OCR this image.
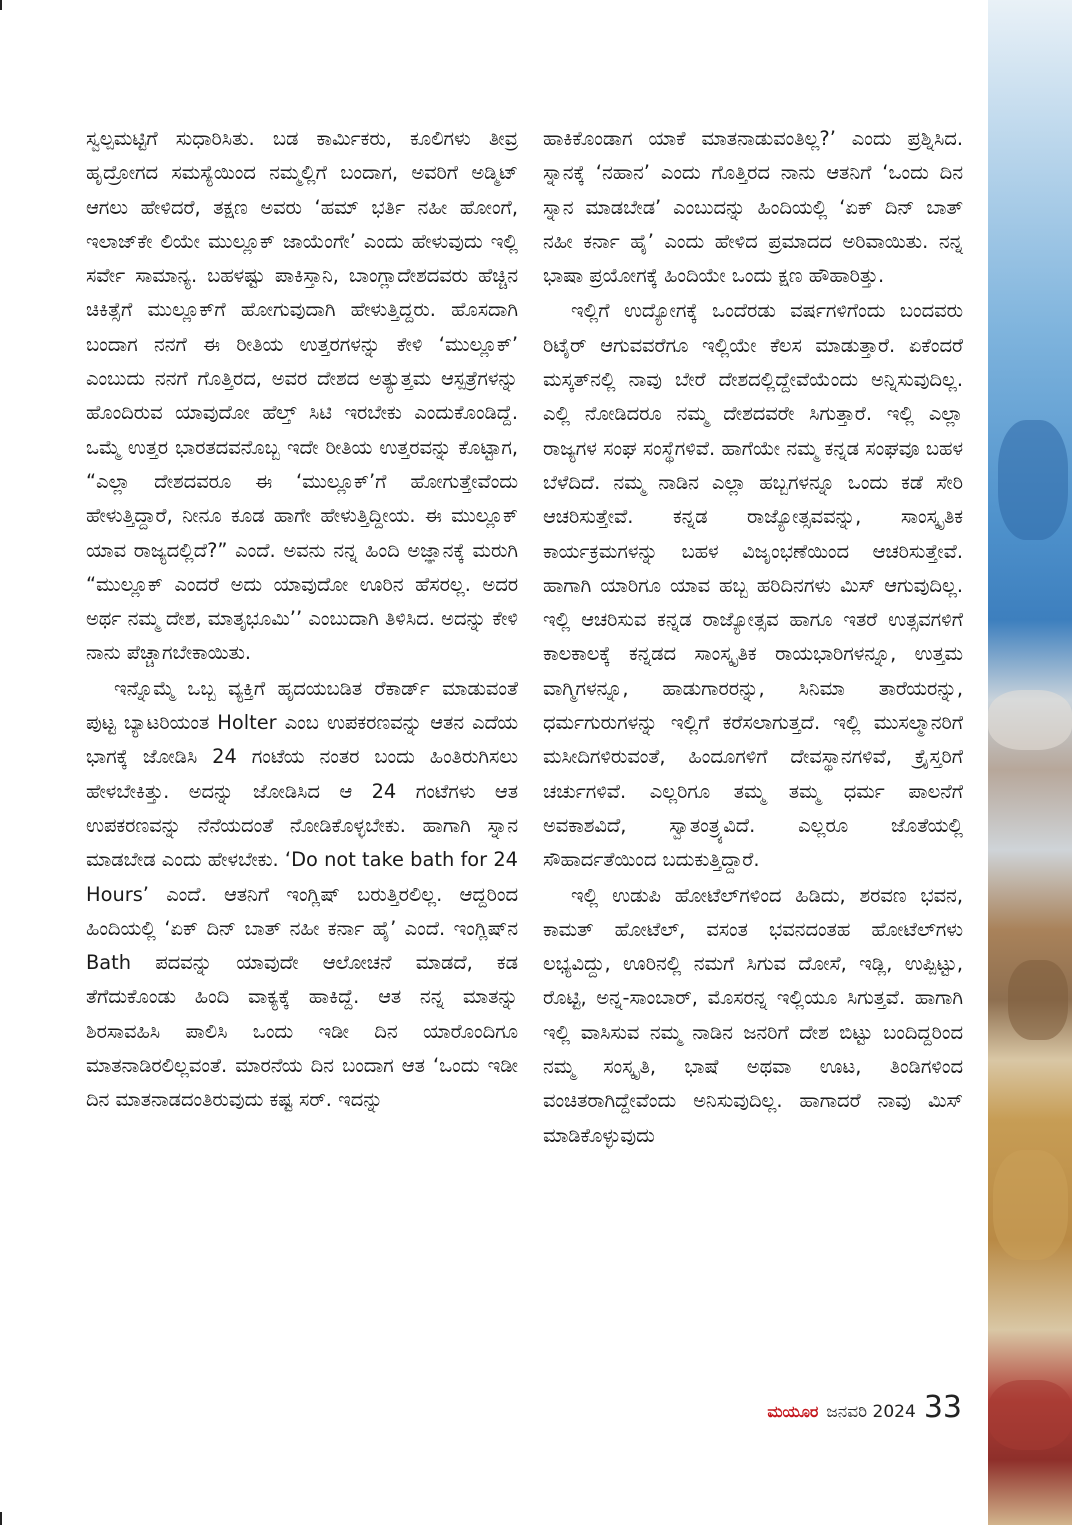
ಸ್ವಲ್ಪಮಟ್ಟಿಗೆ ಸುಧಾರಿಸಿತು. ಬಡ ಕಾರ್ಮಿಕರು, ಕೂಲಿಗಳು ತೀವ್ರ ಹೃದ್ರೋಗದ ಸಮಸ್ಯೆಯಿಂದ ನಮ್ಮಲ್ಲಿಗೆ ಬಂದಾಗ, ಅವರಿಗೆ ಅಡ್ಮಿಟ್ ಆಗಲು ಹೇಳಿದರೆ, ತಕ್ಷಣ ಅವರು ‘ಹಮ್ ಭರ್ತಿ ನಹೀ ಹೋಂಗೆ, ಇಲಾಜ್‌ಕೇ ಲಿಯೇ ಮುಲ್ಲೂಕ್ ಜಾಯೆಂಗೇ’ ಎಂದು ಹೇಳುವುದು ಇಲ್ಲಿ ಸರ್ವೇ ಸಾಮಾನ್ಯ. ಬಹಳಷ್ಟು ಪಾಕಿಸ್ತಾನಿ, ಬಾಂಗ್ಲಾದೇಶದವರು ಹೆಚ್ಚಿನ ಚಿಕಿತ್ಸೆಗೆ ಮುಲ್ಲೂಕ್‌ಗೆ ಹೋಗುವುದಾಗಿ ಹೇಳುತ್ತಿದ್ದರು. ಹೊಸದಾಗಿ ಬಂದಾಗ ನನಗೆ ಈ ರೀತಿಯ ಉತ್ತರಗಳನ್ನು ಕೇಳಿ ‘ಮುಲ್ಲೂಕ್’ ಎಂಬುದು ನನಗೆ ಗೊತ್ತಿರದ, ಅವರ ದೇಶದ ಅತ್ಯುತ್ತಮ ಆಸ್ಪತ್ರೆಗಳನ್ನು ಹೊಂದಿರುವ ಯಾವುದೋ ಹೆಲ್ತ್ ಸಿಟಿ ಇರಬೇಕು ಎಂದುಕೊಂಡಿದ್ದೆ. ಒಮ್ಮೆ ಉತ್ತರ ಭಾರತದವನೊಬ್ಬ ಇದೇ ರೀತಿಯ ಉತ್ತರವನ್ನು ಕೊಟ್ಟಾಗ, “ಎಲ್ಲಾ ದೇಶದವರೂ ಈ ‘ಮುಲ್ಲೂಕ್’ಗೆ ಹೋಗುತ್ತೇವೆಂದು ಹೇಳುತ್ತಿದ್ದಾರೆ, ನೀನೂ ಕೂಡ ಹಾಗೇ ಹೇಳುತ್ತಿದ್ದೀಯ. ಈ ಮುಲ್ಲೂಕ್ ಯಾವ ರಾಜ್ಯದಲ್ಲಿದೆ?” ಎಂದೆ. ಅವನು ನನ್ನ ಹಿಂದಿ ಅಜ್ಞಾನಕ್ಕೆ ಮರುಗಿ “ಮುಲ್ಲೂಕ್ ಎಂದರೆ ಅದು ಯಾವುದೋ ಊರಿನ ಹೆಸರಲ್ಲ. ಅದರ ಅರ್ಥ ನಮ್ಮ ದೇಶ, ಮಾತೃಭೂಮಿ’’ ಎಂಬುದಾಗಿ ತಿಳಿಸಿದ. ಅದನ್ನು ಕೇಳಿ ನಾನು ಪೆಚ್ಚಾಗಬೇಕಾಯಿತು.

ಇನ್ನೊಮ್ಮೆ ಒಬ್ಬ ವ್ಯಕ್ತಿಗೆ ಹೃದಯಬಡಿತ ರೆಕಾರ್ಡ್ ಮಾಡುವಂತೆ ಪುಟ್ಟ ಬ್ಯಾಟರಿಯಂತ Holter ಎಂಬ ಉಪಕರಣವನ್ನು ಆತನ ಎದೆಯ ಭಾಗಕ್ಕೆ ಜೋಡಿಸಿ 24 ಗಂಟೆಯ ನಂತರ ಬಂದು ಹಿಂತಿರುಗಿಸಲು ಹೇಳಬೇಕಿತ್ತು. ಅದನ್ನು ಜೋಡಿಸಿದ ಆ 24 ಗಂಟೆಗಳು ಆತ ಉಪಕರಣವನ್ನು ನೆನೆಯದಂತೆ ನೋಡಿಕೊಳ್ಳಬೇಕು. ಹಾಗಾಗಿ ಸ್ನಾನ ಮಾಡಬೇಡ ಎಂದು ಹೇಳಬೇಕು. ‘Do not take bath for 24 Hours’ ಎಂದೆ. ಆತನಿಗೆ ಇಂಗ್ಲಿಷ್ ಬರುತ್ತಿರಲಿಲ್ಲ. ಆದ್ದರಿಂದ ಹಿಂದಿಯಲ್ಲಿ ‘ಏಕ್ ದಿನ್ ಬಾತ್ ನಹೀ ಕರ್ನಾ ಹೈ’ ಎಂದೆ. ಇಂಗ್ಲಿಷ್‌ನ Bath ಪದವನ್ನು ಯಾವುದೇ ಆಲೋಚನೆ ಮಾಡದೆ, ಕಡ ತೆಗೆದುಕೊಂಡು ಹಿಂದಿ ವಾಕ್ಯಕ್ಕೆ ಹಾಕಿದ್ದೆ. ಆತ ನನ್ನ ಮಾತನ್ನು ಶಿರಸಾವಹಿಸಿ ಪಾಲಿಸಿ ಒಂದು ಇಡೀ ದಿನ ಯಾರೊಂದಿಗೂ ಮಾತನಾಡಿರಲಿಲ್ಲವಂತೆ. ಮಾರನೆಯ ದಿನ ಬಂದಾಗ ಆತ ‘ಒಂದು ಇಡೀ ದಿನ ಮಾತನಾಡದಂತಿರುವುದು ಕಷ್ಟ ಸರ್. ಇದನ್ನು

ಹಾಕಿಕೊಂಡಾಗ ಯಾಕೆ ಮಾತನಾಡುವಂತಿಲ್ಲ?’ ಎಂದು ಪ್ರಶ್ನಿಸಿದ. ಸ್ನಾನಕ್ಕೆ ‘ನಹಾನ’ ಎಂದು ಗೊತ್ತಿರದ ನಾನು ಆತನಿಗೆ ‘ಒಂದು ದಿನ ಸ್ನಾನ ಮಾಡಬೇಡ’ ಎಂಬುದನ್ನು ಹಿಂದಿಯಲ್ಲಿ ‘ಏಕ್ ದಿನ್ ಬಾತ್ ನಹೀ ಕರ್ನಾ ಹೈ’ ಎಂದು ಹೇಳಿದ ಪ್ರಮಾದದ ಅರಿವಾಯಿತು. ನನ್ನ ಭಾಷಾ ಪ್ರಯೋಗಕ್ಕೆ ಹಿಂದಿಯೇ ಒಂದು ಕ್ಷಣ ಹೌಹಾರಿತ್ತು.

ಇಲ್ಲಿಗೆ ಉದ್ಯೋಗಕ್ಕೆ ಒಂದೆರಡು ವರ್ಷಗಳಿಗೆಂದು ಬಂದವರು ರಿಟೈರ್ ಆಗುವವರೆಗೂ ಇಲ್ಲಿಯೇ ಕೆಲಸ ಮಾಡುತ್ತಾರೆ. ಏಕೆಂದರೆ ಮಸ್ಕತ್‌ನಲ್ಲಿ ನಾವು ಬೇರೆ ದೇಶದಲ್ಲಿದ್ದೇವೆಯೆಂದು ಅನ್ನಿಸುವುದಿಲ್ಲ. ಎಲ್ಲಿ ನೋಡಿದರೂ ನಮ್ಮ ದೇಶದವರೇ ಸಿಗುತ್ತಾರೆ. ಇಲ್ಲಿ ಎಲ್ಲಾ ರಾಜ್ಯಗಳ ಸಂಘ ಸಂಸ್ಥೆಗಳಿವೆ. ಹಾಗೆಯೇ ನಮ್ಮ ಕನ್ನಡ ಸಂಘವೂ ಬಹಳ ಬೆಳೆದಿದೆ. ನಮ್ಮ ನಾಡಿನ ಎಲ್ಲಾ ಹಬ್ಬಗಳನ್ನೂ ಒಂದು ಕಡೆ ಸೇರಿ ಆಚರಿಸುತ್ತೇವೆ. ಕನ್ನಡ ರಾಜ್ಯೋತ್ಸವವನ್ನು, ಸಾಂಸ್ಕೃತಿಕ ಕಾರ್ಯಕ್ರಮಗಳನ್ನು ಬಹಳ ವಿಜೃಂಭಣೆಯಿಂದ ಆಚರಿಸುತ್ತೇವೆ. ಹಾಗಾಗಿ ಯಾರಿಗೂ ಯಾವ ಹಬ್ಬ ಹರಿದಿನಗಳು ಮಿಸ್ ಆಗುವುದಿಲ್ಲ. ಇಲ್ಲಿ ಆಚರಿಸುವ ಕನ್ನಡ ರಾಜ್ಯೋತ್ಸವ ಹಾಗೂ ಇತರೆ ಉತ್ಸವಗಳಿಗೆ ಕಾಲಕಾಲಕ್ಕೆ ಕನ್ನಡದ ಸಾಂಸ್ಕೃತಿಕ ರಾಯಭಾರಿಗಳನ್ನೂ, ಉತ್ತಮ ವಾಗ್ಮಿಗಳನ್ನೂ, ಹಾಡುಗಾರರನ್ನು, ಸಿನಿಮಾ ತಾರೆಯರನ್ನು, ಧರ್ಮಗುರುಗಳನ್ನು ಇಲ್ಲಿಗೆ ಕರೆಸಲಾಗುತ್ತದೆ. ಇಲ್ಲಿ ಮುಸಲ್ಮಾನರಿಗೆ ಮಸೀದಿಗಳಿರುವಂತೆ, ಹಿಂದೂಗಳಿಗೆ ದೇವಸ್ಥಾನಗಳಿವೆ, ಕ್ರೈಸ್ತರಿಗೆ ಚರ್ಚುಗಳಿವೆ. ಎಲ್ಲರಿಗೂ ತಮ್ಮ ತಮ್ಮ ಧರ್ಮ ಪಾಲನೆಗೆ ಅವಕಾಶವಿದೆ, ಸ್ವಾತಂತ್ರ್ಯವಿದೆ. ಎಲ್ಲರೂ ಜೊತೆಯಲ್ಲಿ ಸೌಹಾರ್ದತೆಯಿಂದ ಬದುಕುತ್ತಿದ್ದಾರೆ.

ಇಲ್ಲಿ ಉಡುಪಿ ಹೋಟೆಲ್‌ಗಳಿಂದ ಹಿಡಿದು, ಶರವಣ ಭವನ, ಕಾಮತ್ ಹೋಟೆಲ್, ವಸಂತ ಭವನದಂತಹ ಹೋಟೆಲ್‌ಗಳು ಲಭ್ಯವಿದ್ದು, ಊರಿನಲ್ಲಿ ನಮಗೆ ಸಿಗುವ ದೋಸೆ, ಇಡ್ಲಿ, ಉಪ್ಪಿಟ್ಟು, ರೊಟ್ಟಿ, ಅನ್ನ-ಸಾಂಬಾರ್, ಮೊಸರನ್ನ ಇಲ್ಲಿಯೂ ಸಿಗುತ್ತವೆ. ಹಾಗಾಗಿ ಇಲ್ಲಿ ವಾಸಿಸುವ ನಮ್ಮ ನಾಡಿನ ಜನರಿಗೆ ದೇಶ ಬಿಟ್ಟು ಬಂದಿದ್ದರಿಂದ ನಮ್ಮ ಸಂಸ್ಕೃತಿ, ಭಾಷೆ ಅಥವಾ ಊಟ, ತಿಂಡಿಗಳಿಂದ ವಂಚಿತರಾಗಿದ್ದೇವೆಂದು ಅನಿಸುವುದಿಲ್ಲ. ಹಾಗಾದರೆ ನಾವು ಮಿಸ್ ಮಾಡಿಕೊಳ್ಳುವುದು

ಮಯೂರ ಜನವರಿ 2024 33
